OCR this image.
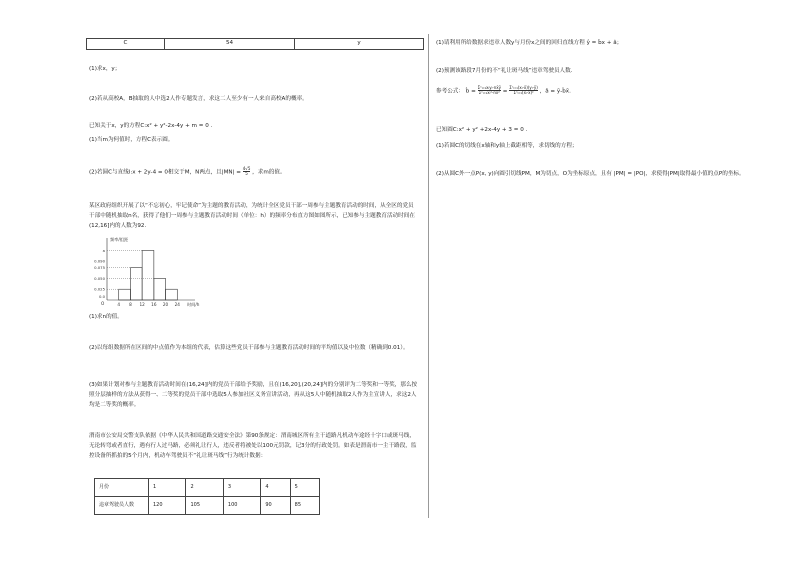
C	54	y
(1)求x，y；
(2)若从高校A，B抽取的人中选2人作专题发言，求这二人至少有一人来自高校A的概率。
已知关于x，y的方程C:x² + y²-2x-4y + m = 0 .
(1)当m为何值时，方程C表示圆。
(2)若圆C与直线l:x + 2y-4 = 0相交于M，N两点，且$|MN| = \frac{4√5}{5}$ ，求m的值。
某区政府组织开展了以“不忘初心，牢记使命”为主题的教育活动，为统计全区党员干部一周参与主题教育活动的时间，从全区的党员干部中随机抽取n名，获得了他们一周参与主题教育活动时间（单位：h）的频率分布直方图如图所示，已知参与主题教育活动时间在(12,16]内的人数为92.
频率/组距
时间/h
O
a
0.090
0.075
0.050
0.025
0.0
4 8 12 16 20 24
(1)求n的值。
(2)以每组数据所在区间的中点值作为本组的代表，估算这些党员干部参与主题教育活动时间的平均值以及中位数（精确到0.01）。
(3)如果计划对参与主题教育活动时间在(16,24]内的党员干部给予奖励，且在(16,20],(20,24]内的分别评为二等奖和一等奖，那么按照分层抽样的方法从获得一、二等奖的党员干部中选取5人参加社区义务宣讲活动，再从这5人中随机抽取2人作为主宣讲人，求这2人均是二等奖的概率。
渭南市公安局交警支队依据《中华人民共和国道路交通安全法》第90条规定：渭南城区所有主干道路凡机动车途经十字口或斑马线，无论转弯或者直行，遇有行人过马路，必须礼让行人，违反者将被处以100元罚款，记3分的行政处罚。如表是渭南市一主干路段，监控设备所抓拍的5个月内，机动车驾驶员不“礼让斑马线”行为统计数据：
月份	1	2	3	4	5
违章驾驶员人数	120	105	100	90	85
(1)请利用所给数据求违章人数y与月份x之间的回归直线方程 ŷ = b̂x + â；
(2)预测该路段7月份的不“礼让斑马线”违章驾驶员人数.
参考公式： b̂ = $\frac{\text{Σⁿᵢ₌₁xᵢyᵢ-nx̄ȳ}}{\text{Σⁿᵢ₌₁xᵢ²-nx̄²}} = \frac{\text{Σⁿᵢ₌₁(xᵢ-x̄)(yᵢ-ȳ)}}{\text{Σⁿᵢ₌₁(xᵢ-x̄)²}}$ ，â = ȳ-b̂x̄.
已知圆C:x² + y² +2x-4y + 3 = 0 .
(1)若圆C的切线在x轴和y轴上截距相等，求切线的方程；
(2)从圆C外一点P(x, y)向圆引切线PM，M为切点，O为坐标原点，且有 |PM| = |PO|，求使得|PM|取得最小值的点P的坐标。
